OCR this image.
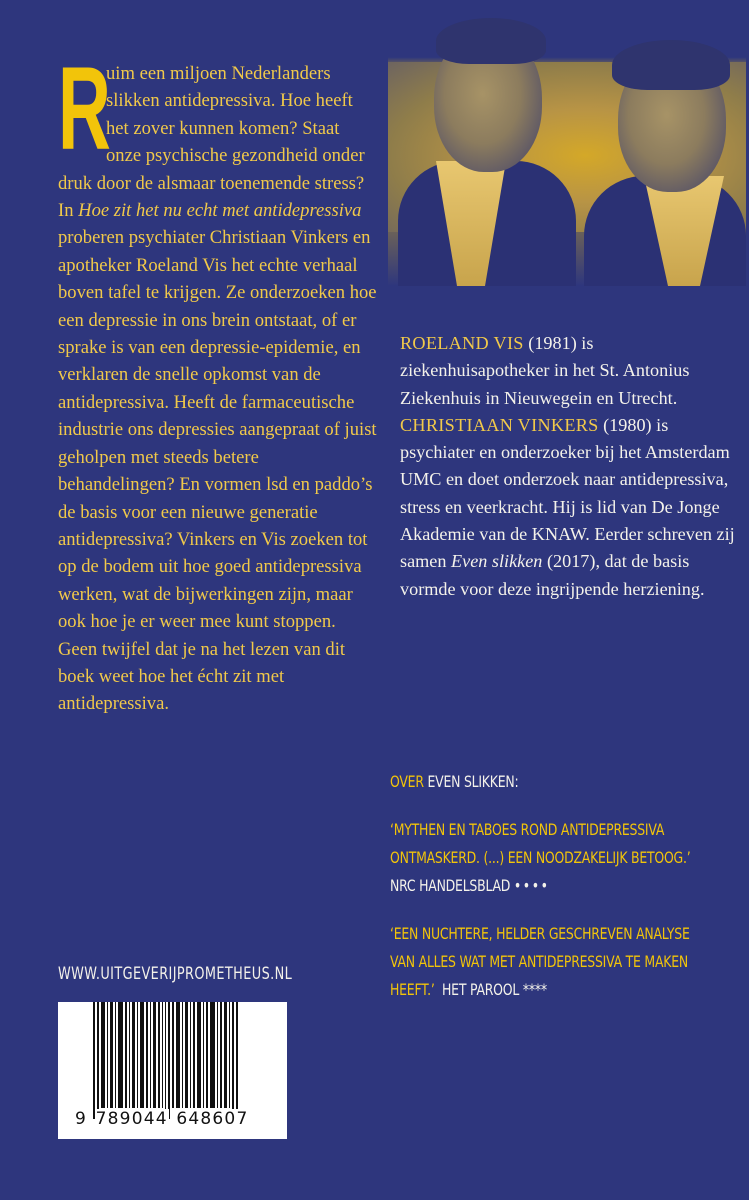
R
uim een miljoen Nederlanders slikken antidepressiva. Hoe heeft het zover kunnen komen? Staat onze psychische gezondheid onder druk door de alsmaar toenemende stress? In Hoe zit het nu echt met antidepressiva proberen psychiater Christiaan Vinkers en apotheker Roeland Vis het echte verhaal boven tafel te krijgen. Ze onderzoeken hoe een depressie in ons brein ontstaat, of er sprake is van een depressie-epidemie, en verklaren de snelle opkomst van de antidepressiva. Heeft de farmaceutische industrie ons depressies aangepraat of juist geholpen met steeds betere behandelingen? En vormen lsd en paddo’s de basis voor een nieuwe generatie antidepressiva? Vinkers en Vis zoeken tot op de bodem uit hoe goed antidepressiva werken, wat de bijwerkingen zijn, maar ook hoe je er weer mee kunt stoppen. Geen twijfel dat je na het lezen van dit boek weet hoe het écht zit met antidepressiva.
ROELAND VIS (1981) is ziekenhuisapotheker in het St. Antonius Ziekenhuis in Nieuwegein en Utrecht.
CHRISTIAAN VINKERS (1980) is psychiater en onderzoeker bij het Amsterdam UMC en doet onderzoek naar antidepressiva, stress en veerkracht. Hij is lid van De Jonge Akademie van de KNAW. Eerder schreven zij samen Even slikken (2017), dat de basis vormde voor deze ingrijpende herziening.
OVER EVEN SLIKKEN:
‘MYTHEN EN TABOES ROND ANTIDEPRESSIVA
ONTMASKERD. (...) EEN NOODZAKELIJK BETOOG.’
NRC HANDELSBLAD ••••
‘EEN NUCHTERE, HELDER GESCHREVEN ANALYSE
VAN ALLES WAT MET ANTIDEPRESSIVA TE MAKEN
HEEFT.’ HET PAROOL ****
WWW.UITGEVERIJPROMETHEUS.NL
9 789044 648607
